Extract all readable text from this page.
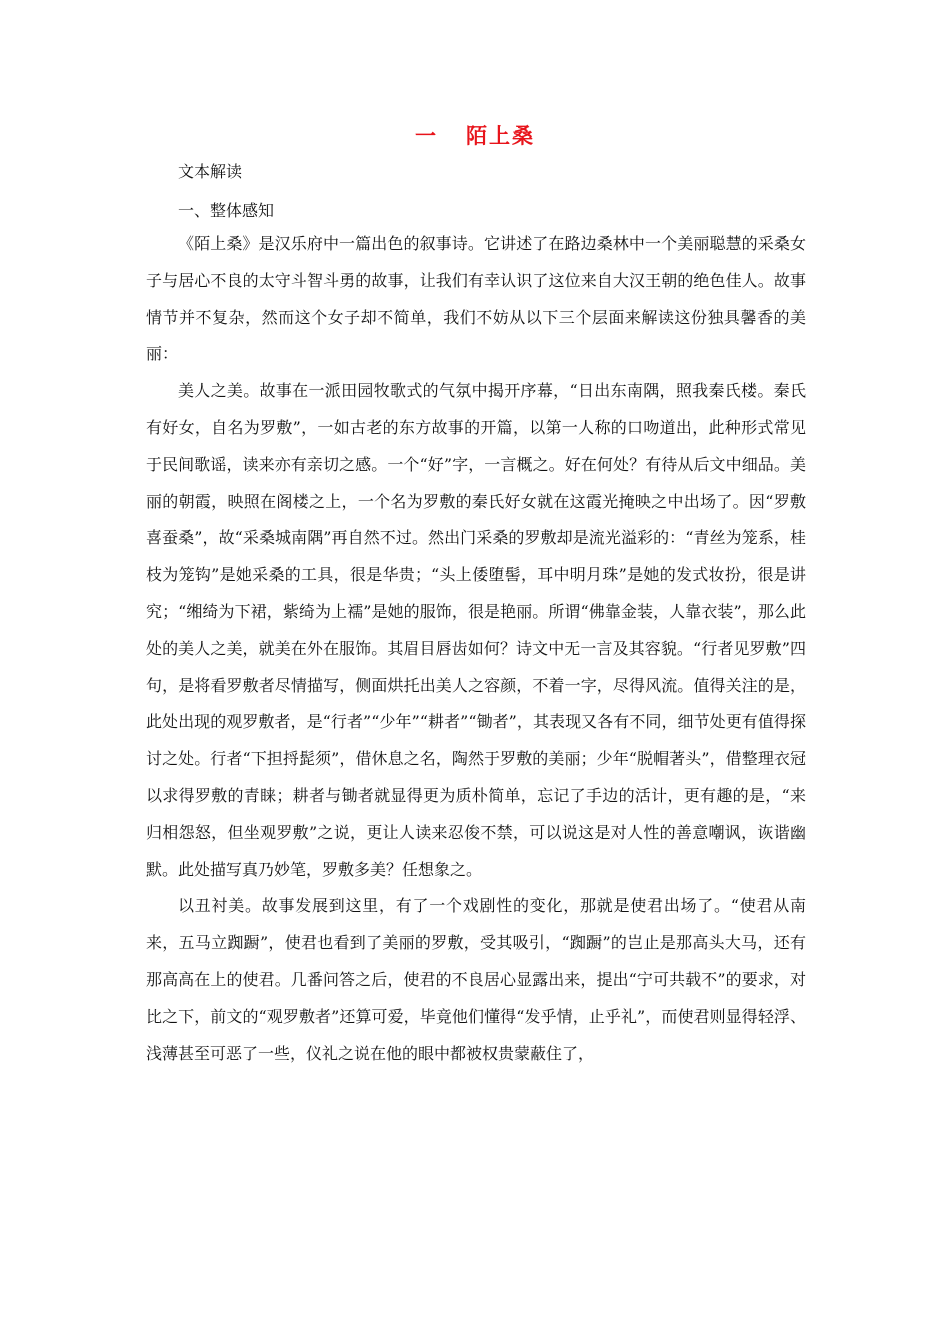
一 陌上桑
文本解读
一、整体感知

《陌上桑》是汉乐府中一篇出色的叙事诗。它讲述了在路边桑林中一个美丽聪慧的采桑女子与居心不良的太守斗智斗勇的故事，让我们有幸认识了这位来自大汉王朝的绝色佳人。故事情节并不复杂，然而这个女子却不简单，我们不妨从以下三个层面来解读这份独具馨香的美丽：

美人之美。故事在一派田园牧歌式的气氛中揭开序幕，“日出东南隅，照我秦氏楼。秦氏有好女，自名为罗敷”，一如古老的东方故事的开篇，以第一人称的口吻道出，此种形式常见于民间歌谣，读来亦有亲切之感。一个“好”字，一言概之。好在何处？有待从后文中细品。美丽的朝霞，映照在阁楼之上，一个名为罗敷的秦氏好女就在这霞光掩映之中出场了。因“罗敷喜蚕桑”，故“采桑城南隅”再自然不过。然出门采桑的罗敷却是流光溢彩的：“青丝为笼系，桂枝为笼钩”是她采桑的工具，很是华贵；“头上倭堕髻，耳中明月珠”是她的发式妆扮，很是讲究；“缃绮为下裙，紫绮为上襦”是她的服饰，很是艳丽。所谓“佛靠金装，人靠衣装”，那么此处的美人之美，就美在外在服饰。其眉目唇齿如何？诗文中无一言及其容貌。“行者见罗敷”四句，是将看罗敷者尽情描写，侧面烘托出美人之容颜，不着一字，尽得风流。值得关注的是，此处出现的观罗敷者，是“行者”“少年”“耕者”“锄者”，其表现又各有不同，细节处更有值得探讨之处。行者“下担捋髭须”，借休息之名，陶然于罗敷的美丽；少年“脱帽著头”，借整理衣冠以求得罗敷的青睐；耕者与锄者就显得更为质朴简单，忘记了手边的活计，更有趣的是，“来归相怨怒，但坐观罗敷”之说，更让人读来忍俊不禁，可以说这是对人性的善意嘲讽，诙谐幽默。此处描写真乃妙笔，罗敷多美？任想象之。

以丑衬美。故事发展到这里，有了一个戏剧性的变化，那就是使君出场了。“使君从南来，五马立踟蹰”，使君也看到了美丽的罗敷，受其吸引，“踟蹰”的岂止是那高头大马，还有那高高在上的使君。几番问答之后，使君的不良居心显露出来，提出“宁可共载不”的要求，对比之下，前文的“观罗敷者”还算可爱，毕竟他们懂得“发乎情，止乎礼”，而使君则显得轻浮、浅薄甚至可恶了一些，仪礼之说在他的眼中都被权贵蒙蔽住了，
